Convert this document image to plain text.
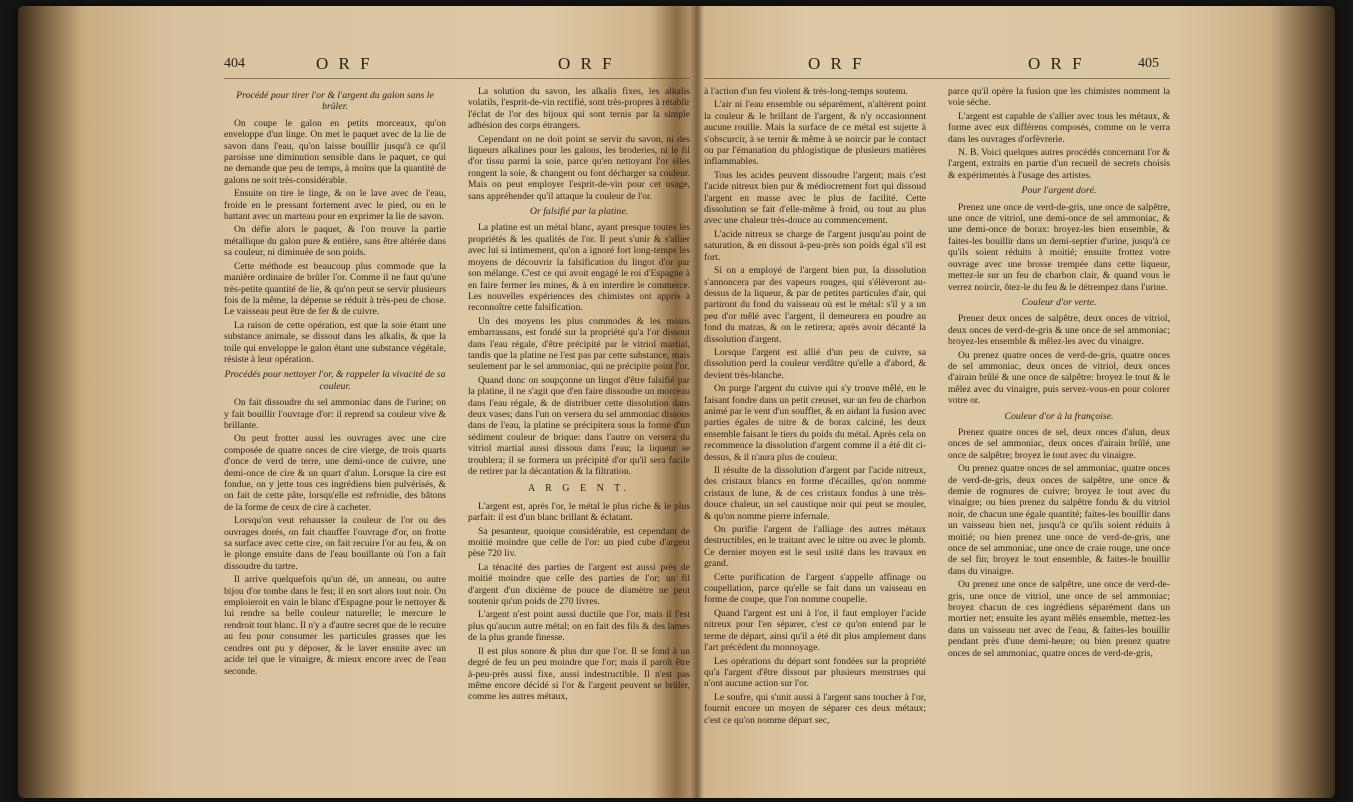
404	O R F	O R F
Procédé pour tirer l'or & l'argent du galon sans le brûler.

On coupe le galon en petits morceaux, qu'on enveloppe d'un linge. On met le paquet avec de la lie de savon dans l'eau, qu'on laisse bouillir jusqu'à ce qu'il paroisse une diminution sensible dans le paquet, ce qui ne demande que peu de temps, à moins que la quantité de galons ne soit très-considérable.

Ensuite on tire le linge, & on le lave avec de l'eau, froide en le pressant fortement avec le pied, ou en le battant avec un marteau pour en exprimer la lie de savon.

On défie alors le paquet, & l'on trouve la partie métallique du galon pure & entière, sans être altérée dans sa couleur, ni diminuée de son poids.

Cette méthode est beaucoup plus commode que la manière ordinaire de brûler l'or. Comme il ne faut qu'une très-petite quantité de lie, & qu'on peut se servir plusieurs fois de la même, la dépense se réduit à très-peu de chose. Le vaisseau peut être de fer & de cuivre.

La raison de cette opération, est que la soie étant une substance animale, se dissout dans les alkalis, & que la toile qui enveloppe le galon étant une substance végétale, résiste à leur opération.

Procédés pour nettoyer l'or, & rappeler la vivacité de sa couleur.

On fait dissoudre du sel ammoniac dans de l'urine; on y fait bouillir l'ouvrage d'or: il reprend sa couleur vive & brillante.

On peut frotter aussi les ouvrages avec une cire composée de quatre onces de cire vierge, de trois quarts d'once de verd de terre, une demi-once de cuivre, une demi-once de cire & un quart d'alun. Lorsque la cire est fondue, on y jette tous ces ingrédiens bien pulvérisés, & on fait de cette pâte, lorsqu'elle est refroidie, des bâtons de la forme de ceux de cire à cacheter.

Lorsqu'on veut rehausser la couleur de l'or ou des ouvrages dorés, on fait chauffer l'ouvrage d'or, on frotte sa surface avec cette cire, on fait recuire l'or au feu, & on le plonge ensuite dans de l'eau bouillante où l'on a fait dissoudre du tartre.

Il arrive quelquefois qu'un dé, un anneau, ou autre bijou d'or tombe dans le feu; il en sort alors tout noir. On emploieroit en vain le blanc d'Espagne pour le nettoyer & lui rendre sa belle couleur naturelle; le mercure le rendroit tout blanc. Il n'y a d'autre secret que de le recuire au feu pour consumer les particules grasses que les cendres ont pu y déposer, & le laver ensuite avec un acide tel que le vinaigre, & mieux encore avec de l'eau seconde.

La solution du savon, les alkalis fixes, les alkalis volatils, l'esprit-de-vin rectifié, sont très-propres à rétablir l'éclat de l'or des bijoux qui sont ternis par la simple adhésion des corps étrangers.

Cependant on ne doit point se servir du savon, ni des liqueurs alkalines pour les galons, les broderies, ni le fil d'or tissu parmi la soie, parce qu'en nettoyant l'or elles rongent la soie, & changent ou font décharger sa couleur. Mais on peut employer l'esprit-de-vin pour cet usage, sans appréhender qu'il attaque la couleur de l'or.

Or falsifié par la platine.

La platine est un métal blanc, ayant presque toutes les propriétés & les qualités de l'or. Il peut s'unir & s'allier avec lui si intimement, qu'on a ignoré fort long-temps les moyens de découvrir la falsification du lingot d'or par son mélange. C'est ce qui avoit engagé le roi d'Espagne à en faire fermer les mines, & à en interdire le commerce. Les nouvelles expériences des chimistes ont appris à reconnoître cette falsification.

Un des moyens les plus commodes & les moins embarrassans, est fondé sur la propriété qu'a l'or dissout dans l'eau régale, d'être précipité par le vitriol martial, tandis que la platine ne l'est pas par cette substance, mais seulement par le sel ammoniac, qui ne précipite point l'or.

Quand donc on soupçonne un lingot d'être falsifié par la platine, il ne s'agit que d'en faire dissoudre un morceau dans l'eau régale, & de distribuer cette dissolution dans deux vases; dans l'un on versera du sel ammoniac dissous dans de l'eau, la platine se précipitera sous la forme d'un sédiment couleur de brique: dans l'autre on versera du vitriol martial aussi dissous dans l'eau; la liqueur se troublera; il se formera un précipité d'or qu'il sera facile de retirer par la décantation & la filtration.

A R G E N T.

L'argent est, après l'or, le métal le plus riche & le plus parfait: il est d'un blanc brillant & éclatant.

Sa pesanteur, quoique considérable, est cependant de moitié moindre que celle de l'or: un pied cube d'argent pèse 720 liv.

La ténacité des parties de l'argent est aussi près de moitié moindre que celle des parties de l'or; un fil d'argent d'un dixième de pouce de diamètre ne peut soutenir qu'un poids de 270 livres.

L'argent n'est point aussi ductile que l'or, mais il l'est plus qu'aucun autre métal; on en fait des fils & des lames de la plus grande finesse.

Il est plus sonore & plus dur que l'or. Il se fond à un degré de feu un peu moindre que l'or; mais il paroît être à-peu-près aussi fixe, aussi indestructible. Il n'est pas même encore décidé si l'or & l'argent peuvent se brûler, comme les autres métaux,

O R F	O R F	405

à l'action d'un feu violent & très-long-temps soutenu.

L'air ni l'eau ensemble ou séparément, n'altèrent point la couleur & le brillant de l'argent, & n'y occasionnent aucune rouille. Mais la surface de ce métal est sujette à s'obscurcir, à se ternir & même à se noircir par le contact ou par l'émanation du phlogistique de plusieurs matières inflammables.

Tous les acides peuvent dissoudre l'argent; mais c'est l'acide nitreux bien pur & médiocrement fort qui dissoud l'argent en masse avec le plus de facilité. Cette dissolution se fait d'elle-même à froid, ou tout au plus avec une chaleur très-douce au commencement.

L'acide nitreux se charge de l'argent jusqu'au point de saturation, & en dissout à-peu-près son poids égal s'il est fort.

Si on a employé de l'argent bien pur, la dissolution s'annoncera par des vapeurs rouges, qui s'élèveront au-dessus de la liqueur, & par de petites particules d'air, qui partiront du fond du vaisseau où est le métal: s'il y a un peu d'or mêlé avec l'argent, il demeurera en poudre au fond du matras, & on le retirera; après avoir décanté la dissolution d'argent.

Lorsque l'argent est allié d'un peu de cuivre, sa dissolution perd la couleur verdâtre qu'elle a d'abord, & devient très-blanche.

On purge l'argent du cuivre qui s'y trouve mêlé, en le faisant fondre dans un petit creuset, sur un feu de charbon animé par le vent d'un soufflet, & en aidant la fusion avec parties égales de nitre & de borax calciné, les deux ensemble faisant le tiers du poids du métal. Après cela on recommence la dissolution d'argent comme il a été dit ci-dessus, & il n'aura plus de couleur.

Il résulte de la dissolution d'argent par l'acide nitreux, des cristaux blancs en forme d'écailles, qu'on nomme cristaux de lune, & de ces cristaux fondus à une très-douce chaleur, un sel caustique noir qui peut se mouler, & qu'on nomme pierre infernale.

On purifie l'argent de l'alliage des autres métaux destructibles, en le traitant avec le nitre ou avec le plomb. Ce dernier moyen est le seul usité dans les travaux en grand.

Cette purification de l'argent s'appelle affinage ou coupellation, parce qu'elle se fait dans un vaisseau en forme de coupe, que l'on nomme coupelle.

Quand l'argent est uni à l'or, il faut employer l'acide nitreux pour l'en séparer, c'est ce qu'on entend par le terme de départ, ainsi qu'il a été dit plus amplement dans l'art précédent du monnoyage.

Les opérations du départ sont fondées sur la propriété qu'a l'argent d'être dissout par plusieurs menstrues qui n'ont aucune action sur l'or.

Le soufre, qui s'unit aussi à l'argent sans toucher à l'or, fournit encore un moyen de séparer ces deux métaux; c'est ce qu'on nomme départ sec,

parce qu'il opère la fusion que les chimistes nomment la voie sèche.

L'argent est capable de s'allier avec tous les métaux, & forme avec eux différens composés, comme on le verra dans les ouvrages d'orfèvrerie.

N. B. Voici quelques autres procédés concernant l'or & l'argent, extraits en partie d'un recueil de secrets choisis & expérimentés à l'usage des artistes.

Pour l'argent doré.

Prenez une once de verd-de-gris, une once de salpêtre, une once de vitriol, une demi-once de sel ammoniac, & une demi-once de borax: broyez-les bien ensemble, & faites-les bouillir dans un demi-septier d'urine, jusqu'à ce qu'ils soient réduits à moitié; ensuite frottez votre ouvrage avec une brosse trempée dans cette liqueur, mettez-le sur un feu de charbon clair, & quand vous le verrez noircir, ôtez-le du feu & le détrempez dans l'urine.

Couleur d'or verte.

Prenez deux onces de salpêtre, deux onces de vitriol, deux onces de verd-de-gris & une once de sel ammoniac; broyez-les ensemble & mêlez-les avec du vinaigre.

Ou prenez quatre onces de verd-de-gris, quatre onces de sel ammoniac, deux onces de vitriol, deux onces d'airain brûlé & une once de salpêtre: broyez le tout & le mêlez avec du vinaigre, puis servez-vous-en pour colorer votre or.

Couleur d'or à la françoise.

Prenez quatre onces de sel, deux onces d'alun, deux onces de sel ammoniac, deux onces d'airain brûlé, une once de salpêtre; broyez le tout avec du vinaigre.

Ou prenez quatre onces de sel ammoniac, quatre onces de verd-de-gris, deux onces de salpêtre, une once & demie de rognures de cuivre; broyez le tout avec du vinaigre; ou bien prenez du salpêtre fondu & du vitriol noir, de chacun une égale quantité; faites-les bouillir dans un vaisseau bien net, jusqu'à ce qu'ils soient réduits à moitié; ou bien prenez une once de verd-de-gris, une once de sel ammoniac, une once de craie rouge, une once de sel fin; broyez le tout ensemble, & faites-le bouillir dans du vinaigre.

Ou prenez une once de salpêtre, une once de verd-de-gris, une once de vitriol, une once de sel ammoniac; broyez chacun de ces ingrédiens séparément dans un mortier net; ensuite les ayant mêlés ensemble, mettez-les dans un vaisseau net avec de l'eau, & faites-les bouillir pendant près d'une demi-heure; ou bien prenez quatre onces de sel ammoniac, quatre onces de verd-de-gris,
